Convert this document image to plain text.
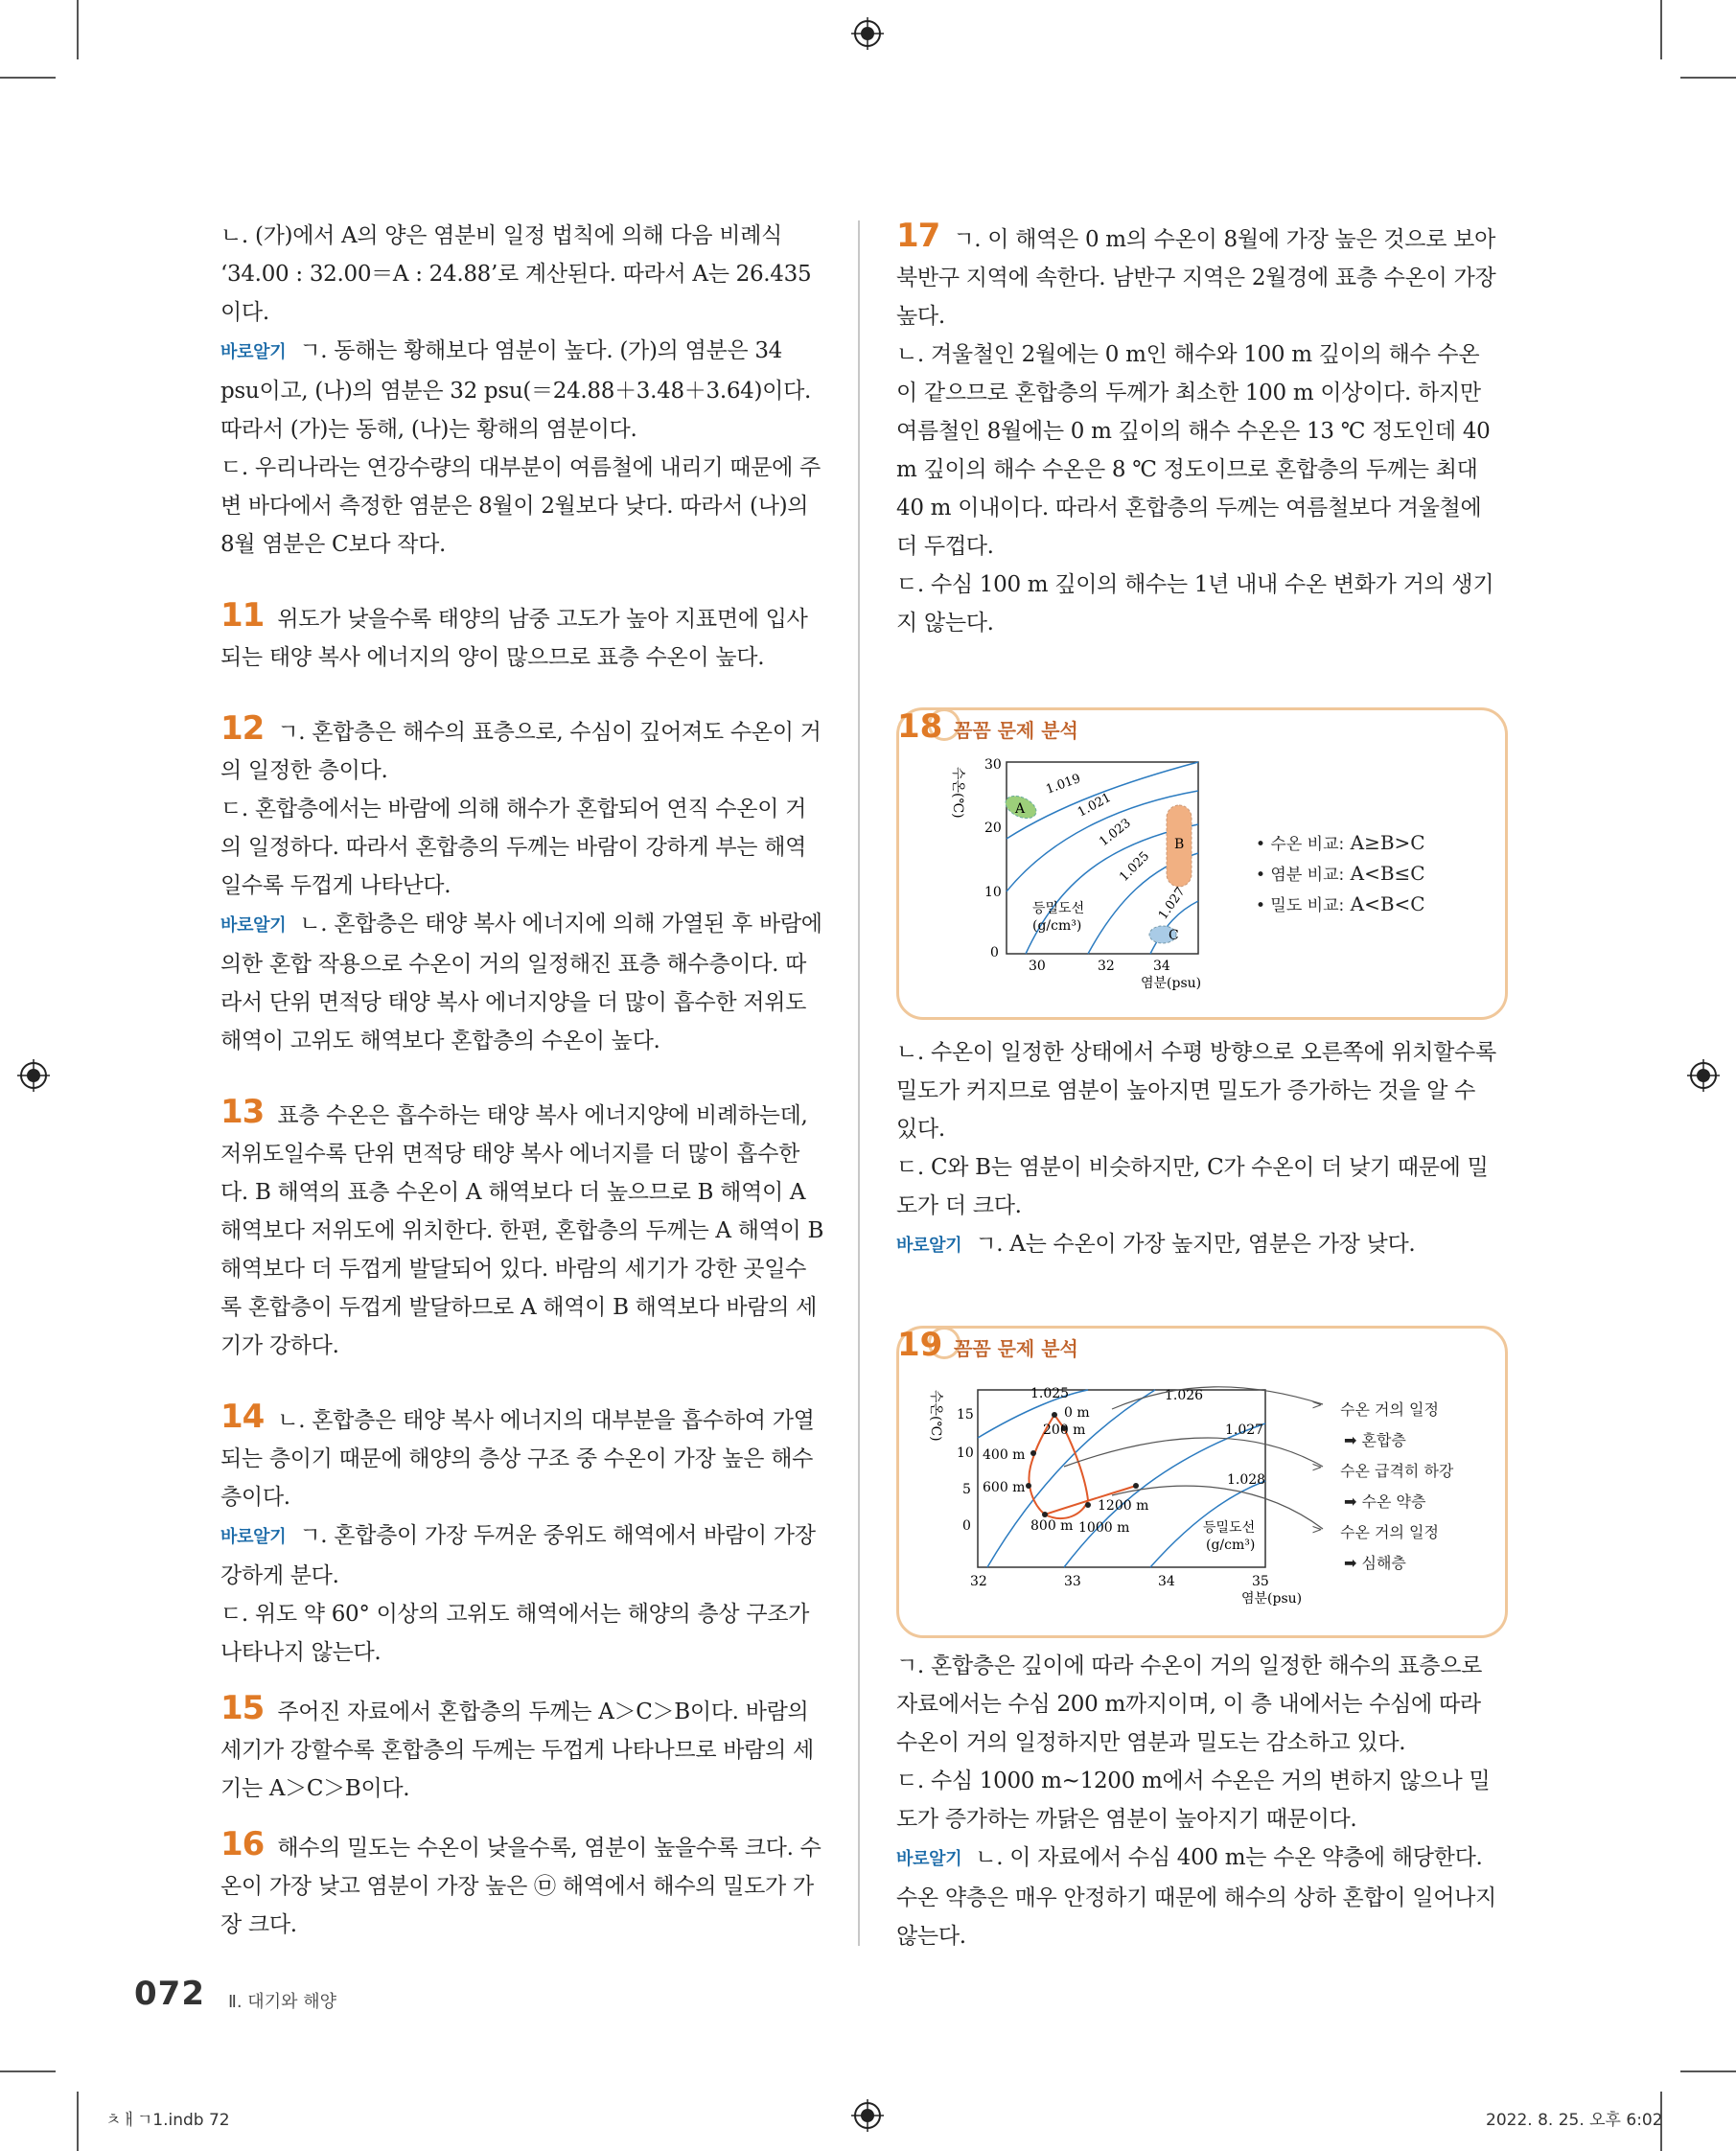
ㄴ. (가)에서 A의 양은 염분비 일정 법칙에 의해 다음 비례식 ‘34.00 : 32.00＝A : 24.88’로 계산된다. 따라서 A는 26.435이다.

바로알기 ㄱ. 동해는 황해보다 염분이 높다. (가)의 염분은 34 psu이고, (나)의 염분은 32 psu(＝24.88＋3.48＋3.64)이다. 따라서 (가)는 동해, (나)는 황해의 염분이다.

ㄷ. 우리나라는 연강수량의 대부분이 여름철에 내리기 때문에 주변 바다에서 측정한 염분은 8월이 2월보다 낮다. 따라서 (나)의 8월 염분은 C보다 작다.

11 위도가 낮을수록 태양의 남중 고도가 높아 지표면에 입사되는 태양 복사 에너지의 양이 많으므로 표층 수온이 높다.

12 ㄱ. 혼합층은 해수의 표층으로, 수심이 깊어져도 수온이 거의 일정한 층이다.

ㄷ. 혼합층에서는 바람에 의해 해수가 혼합되어 연직 수온이 거의 일정하다. 따라서 혼합층의 두께는 바람이 강하게 부는 해역일수록 두껍게 나타난다.

바로알기 ㄴ. 혼합층은 태양 복사 에너지에 의해 가열된 후 바람에 의한 혼합 작용으로 수온이 거의 일정해진 표층 해수층이다. 따라서 단위 면적당 태양 복사 에너지양을 더 많이 흡수한 저위도 해역이 고위도 해역보다 혼합층의 수온이 높다.

13 표층 수온은 흡수하는 태양 복사 에너지양에 비례하는데, 저위도일수록 단위 면적당 태양 복사 에너지를 더 많이 흡수한다. B 해역의 표층 수온이 A 해역보다 더 높으므로 B 해역이 A 해역보다 저위도에 위치한다. 한편, 혼합층의 두께는 A 해역이 B 해역보다 더 두껍게 발달되어 있다. 바람의 세기가 강한 곳일수록 혼합층이 두껍게 발달하므로 A 해역이 B 해역보다 바람의 세기가 강하다.

14 ㄴ. 혼합층은 태양 복사 에너지의 대부분을 흡수하여 가열되는 층이기 때문에 해양의 층상 구조 중 수온이 가장 높은 해수층이다.

바로알기 ㄱ. 혼합층이 가장 두꺼운 중위도 해역에서 바람이 가장 강하게 분다.

ㄷ. 위도 약 60° 이상의 고위도 해역에서는 해양의 층상 구조가 나타나지 않는다.

15 주어진 자료에서 혼합층의 두께는 A＞C＞B이다. 바람의 세기가 강할수록 혼합층의 두께는 두껍게 나타나므로 바람의 세기는 A＞C＞B이다.

16 해수의 밀도는 수온이 낮을수록, 염분이 높을수록 크다. 수온이 가장 낮고 염분이 가장 높은 ㉤ 해역에서 해수의 밀도가 가장 크다.

17 ㄱ. 이 해역은 0 m의 수온이 8월에 가장 높은 것으로 보아 북반구 지역에 속한다. 남반구 지역은 2월경에 표층 수온이 가장 높다.

ㄴ. 겨울철인 2월에는 0 m인 해수와 100 m 깊이의 해수 수온이 같으므로 혼합층의 두께가 최소한 100 m 이상이다. 하지만 여름철인 8월에는 0 m 깊이의 해수 수온은 13 ℃ 정도인데 40 m 깊이의 해수 수온은 8 ℃ 정도이므로 혼합층의 두께는 최대 40 m 이내이다. 따라서 혼합층의 두께는 여름철보다 겨울철에 더 두껍다.

ㄷ. 수심 100 m 깊이의 해수는 1년 내내 수온 변화가 거의 생기지 않는다.

18 꼼꼼 문제 분석
A
B
C
1.019
1.021
1.023
1.025
1.027
등밀도선
(g/cm³)
30
20
10
0
30	32	34
염분(psu)
수온(℃)
• 수온 비교: A≥B>C
• 염분 비교: A<B≤C
• 밀도 비교: A<B<C

ㄴ. 수온이 일정한 상태에서 수평 방향으로 오른쪽에 위치할수록 밀도가 커지므로 염분이 높아지면 밀도가 증가하는 것을 알 수 있다.

ㄷ. C와 B는 염분이 비슷하지만, C가 수온이 더 낮기 때문에 밀도가 더 크다.

바로알기 ㄱ. A는 수온이 가장 높지만, 염분은 가장 낮다.

19 꼼꼼 문제 분석
0 m
200 m
400 m
600 m
800 m 1000 m
1200 m
1.025	1.026
1.027
1.028
등밀도선
(g/cm³)
15
10
5
0
32	33	34	35
염분(psu)
수온(℃)	>
>
>
수온 거의 일정
➡ 혼합층
수온 급격히 하강
➡ 수온 약층
수온 거의 일정
➡ 심해층

ㄱ. 혼합층은 깊이에 따라 수온이 거의 일정한 해수의 표층으로 자료에서는 수심 200 m까지이며, 이 층 내에서는 수심에 따라 수온이 거의 일정하지만 염분과 밀도는 감소하고 있다.

ㄷ. 수심 1000 m~1200 m에서 수온은 거의 변하지 않으나 밀도가 증가하는 까닭은 염분이 높아지기 때문이다.

바로알기 ㄴ. 이 자료에서 수심 400 m는 수온 약층에 해당한다. 수온 약층은 매우 안정하기 때문에 해수의 상하 혼합이 일어나지 않는다.

072 Ⅱ. 대기와 해양
ㅊㅐㄱ1.indb 72	2022. 8. 25. 오후 6:02
